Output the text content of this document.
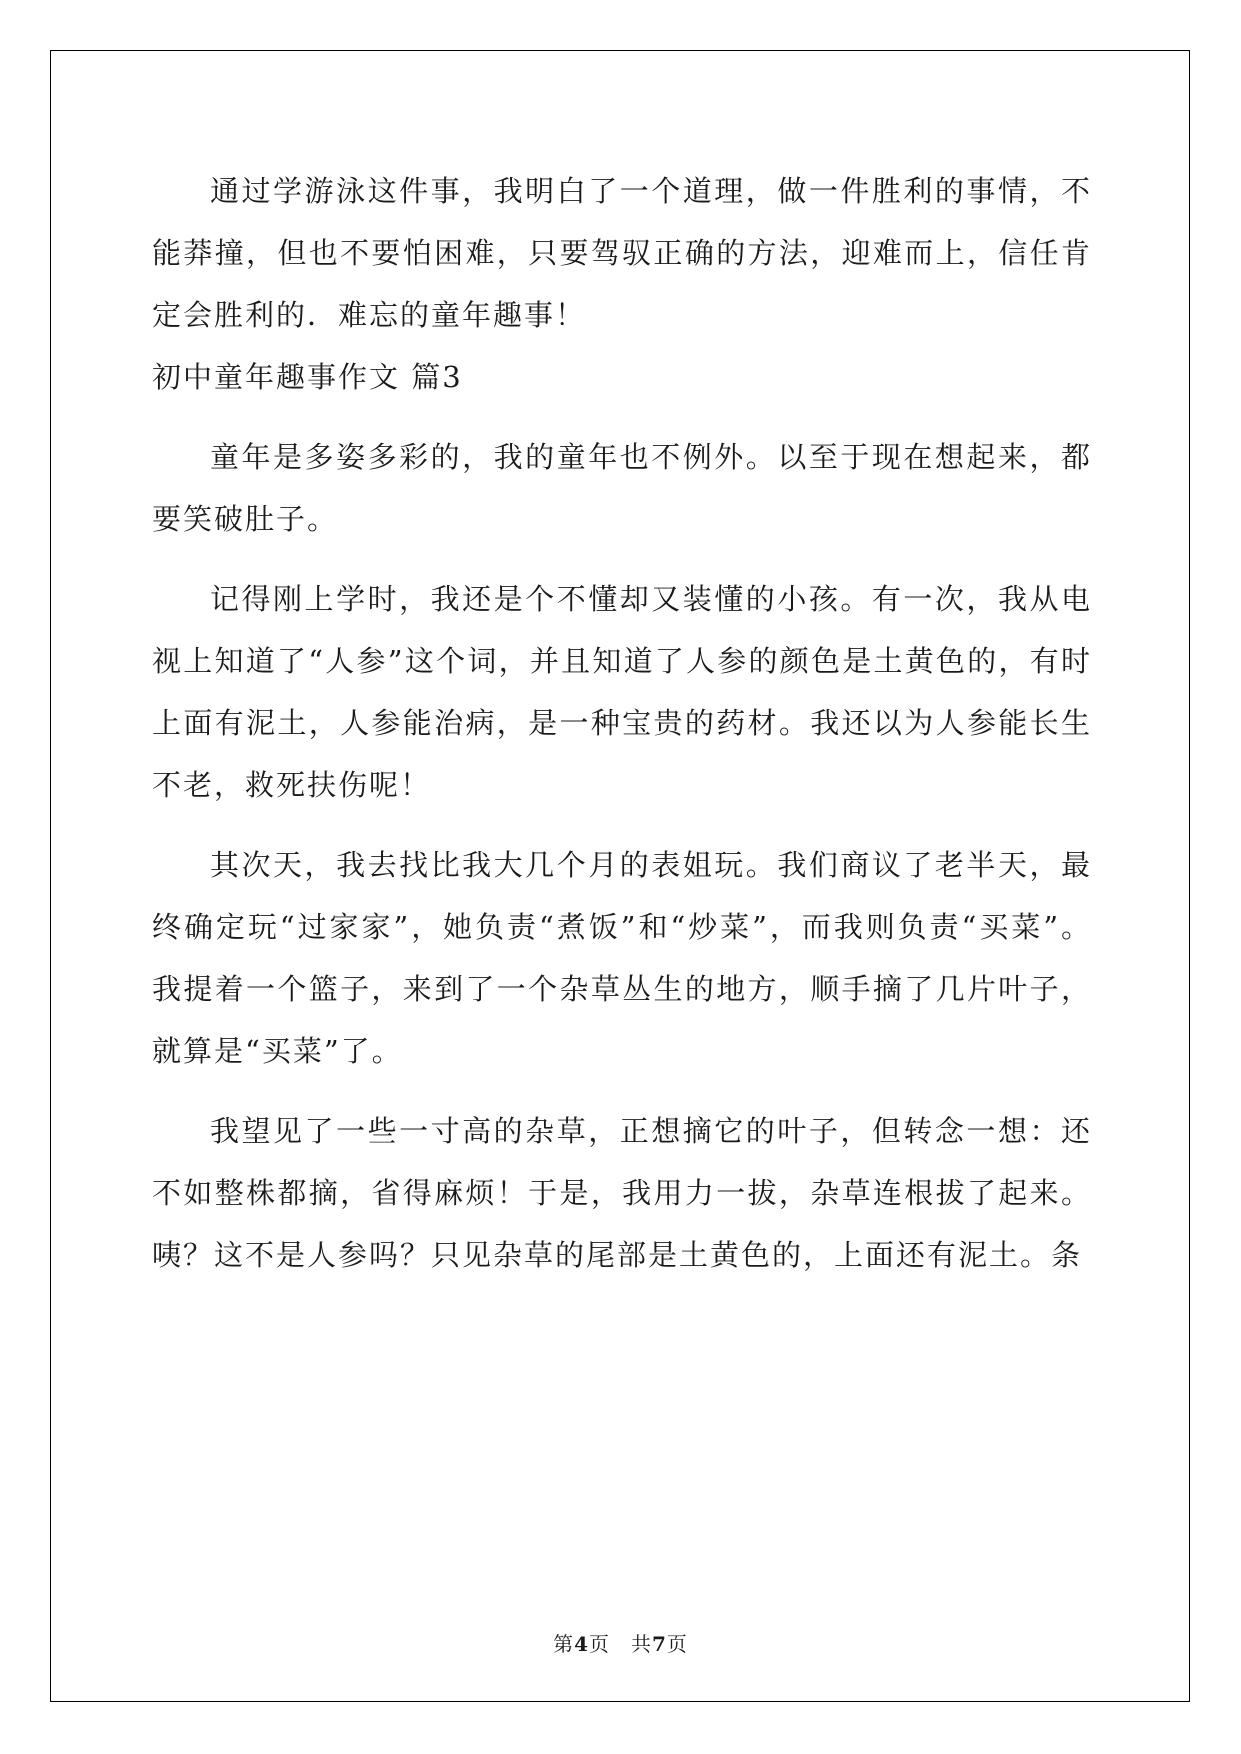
通过学游泳这件事，我明白了一个道理，做一件胜利的事情，不能莽撞，但也不要怕困难，只要驾驭正确的方法，迎难而上，信任肯定会胜利的．难忘的童年趣事！

初中童年趣事作文 篇3

童年是多姿多彩的，我的童年也不例外。以至于现在想起来，都要笑破肚子。

记得刚上学时，我还是个不懂却又装懂的小孩。有一次，我从电视上知道了“人参”这个词，并且知道了人参的颜色是土黄色的，有时上面有泥土，人参能治病，是一种宝贵的药材。我还以为人参能长生不老，救死扶伤呢！

其次天，我去找比我大几个月的表姐玩。我们商议了老半天，最终确定玩“过家家”，她负责“煮饭”和“炒菜”，而我则负责“买菜”。我提着一个篮子，来到了一个杂草丛生的地方，顺手摘了几片叶子，就算是“买菜”了。

我望见了一些一寸高的杂草，正想摘它的叶子，但转念一想：还不如整株都摘，省得麻烦！于是，我用力一拔，杂草连根拔了起来。咦？这不是人参吗？只见杂草的尾部是土黄色的，上面还有泥土。条

第4页　共7页
